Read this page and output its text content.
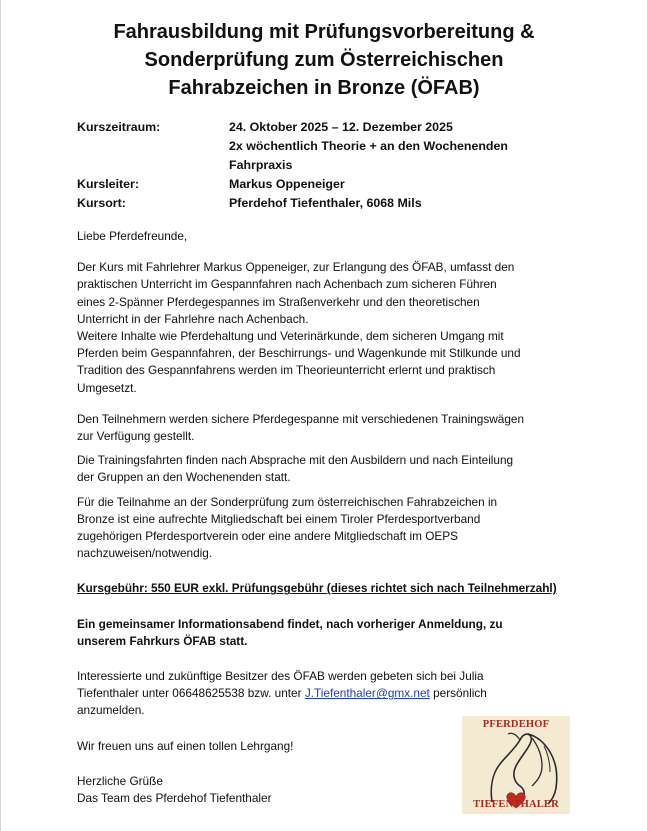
Fahrausbildung mit Prüfungsvorbereitung &
Sonderprüfung zum Österreichischen
Fahrabzeichen in Bronze (ÖFAB)
Kurszeitraum:	24. Oktober 2025 – 12. Dezember 2025
2x wöchentlich Theorie + an den Wochenenden
Fahrpraxis
Kursleiter:	Markus Oppeneiger
Kursort:	Pferdehof Tiefenthaler, 6068 Mils

Liebe Pferdefreunde,

Der Kurs mit Fahrlehrer Markus Oppeneiger, zur Erlangung des ÖFAB, umfasst den
praktischen Unterricht im Gespannfahren nach Achenbach zum sicheren Führen
eines 2-Spänner Pferdegespannes im Straßenverkehr und den theoretischen
Unterricht in der Fahrlehre nach Achenbach.
Weitere Inhalte wie Pferdehaltung und Veterinärkunde, dem sicheren Umgang mit
Pferden beim Gespannfahren, der Beschirrungs- und Wagenkunde mit Stilkunde und
Tradition des Gespannfahrens werden im Theorieunterricht erlernt und praktisch
Umgesetzt.

Den Teilnehmern werden sichere Pferdegespanne mit verschiedenen Trainingswägen
zur Verfügung gestellt.

Die Trainingsfahrten finden nach Absprache mit den Ausbildern und nach Einteilung
der Gruppen an den Wochenenden statt.

Für die Teilnahme an der Sonderprüfung zum österreichischen Fahrabzeichen in
Bronze ist eine aufrechte Mitgliedschaft bei einem Tiroler Pferdesportverband
zugehörigen Pferdesportverein oder eine andere Mitgliedschaft im OEPS
nachzuweisen/notwendig.

Kursgebühr: 550 EUR exkl. Prüfungsgebühr (dieses richtet sich nach Teilnehmerzahl)

Ein gemeinsamer Informationsabend findet, nach vorheriger Anmeldung, zu
unserem Fahrkurs ÖFAB statt.

Interessierte und zukünftige Besitzer des ÖFAB werden gebeten sich bei Julia
Tiefenthaler unter 06648625538 bzw. unter J.Tiefenthaler@gmx.net persönlich
anzumelden.

Wir freuen uns auf einen tollen Lehrgang!

Herzliche Grüße

Das Team des Pferdehof Tiefenthaler

PFERDEHOF
TIEFENTHALER
